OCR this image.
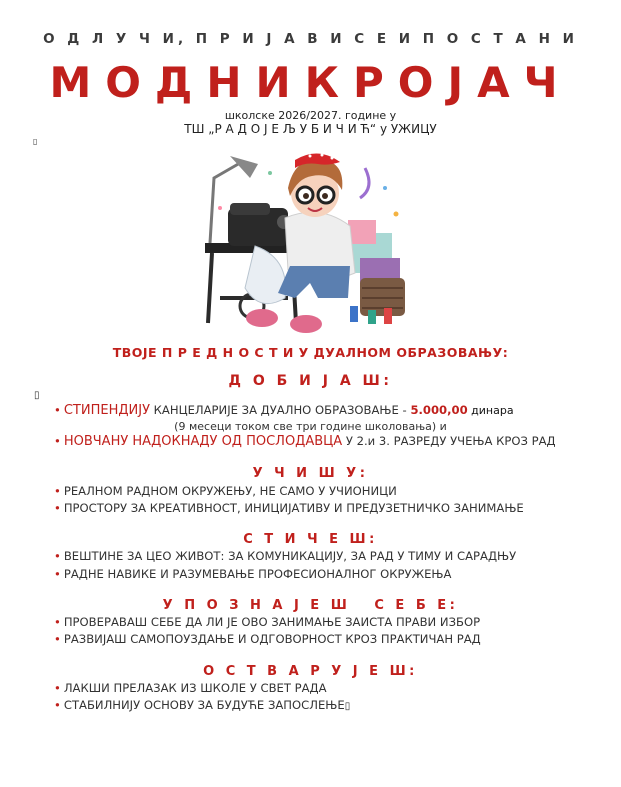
О Д Л У Ч И, П Р И Ј А В И С Е И П О С Т А Н И
МОДНИКРОЈАЧ
школске 2026/2027. године у
ТШ „Р А Д О Ј Е Љ У Б И Ч И Ћ“ у УЖИЦУ
▯
ТВОЈЕ П Р Е Д Н О С Т И У ДУАЛНОМ ОБРАЗОВАЊУ:
Д О Б И Ј А Ш:
▯
• СТИПЕНДИЈУ КАНЦЕЛАРИЈЕ ЗА ДУАЛНО ОБРАЗОВАЊЕ - 5.000,00 динара
(9 месеци током све три године школовања) и
• НОВЧАНУ НАДОКНАДУ ОД ПОСЛОДАВЦА У 2.и 3. РАЗРЕДУ УЧЕЊА КРОЗ РАД
У Ч И Ш У:
• РЕАЛНОМ РАДНОМ ОКРУЖЕЊУ, НЕ САМО У УЧИОНИЦИ
• ПРОСТОРУ ЗА КРЕАТИВНОСТ, ИНИЦИЈАТИВУ И ПРЕДУЗЕТНИЧКО ЗАНИМАЊЕ
С Т И Ч Е Ш:
• ВЕШТИНЕ ЗА ЦЕО ЖИВОТ: ЗА КОМУНИКАЦИЈУ, ЗА РАД У ТИМУ И САРАДЊУ
• РАДНЕ НАВИКЕ И РАЗУМЕВАЊЕ ПРОФЕСИОНАЛНОГ ОКРУЖЕЊА
У П О З Н А Ј Е Ш   С Е Б Е:
• ПРОВЕРАВАШ СЕБЕ ДА ЛИ ЈЕ ОВО ЗАНИМАЊЕ ЗАИСТА ПРАВИ ИЗБОР
• РАЗВИЈАШ САМОПОУЗДАЊЕ И ОДГОВОРНОСТ КРОЗ ПРАКТИЧАН РАД
О С Т В А Р У Ј Е Ш:
• ЛАКШИ ПРЕЛАЗАК ИЗ ШКОЛЕ У СВЕТ РАДА
• СТАБИЛНИЈУ ОСНОВУ ЗА БУДУЋЕ ЗАПОСЛЕЊЕ▯
